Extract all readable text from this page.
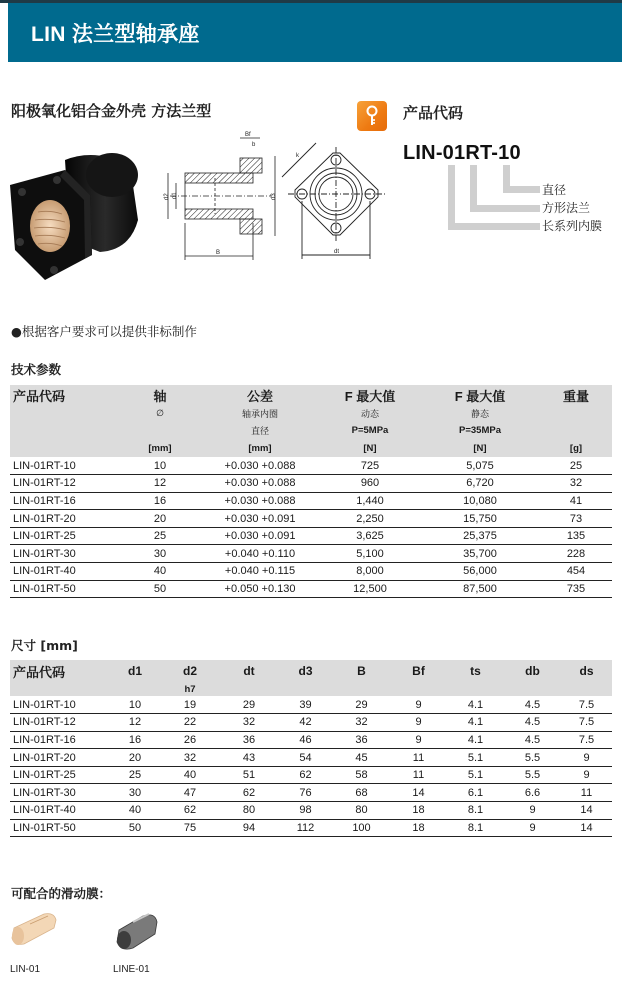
LIN 法兰型轴承座
阳极氧化铝合金外壳 方法兰型
Bf
b
d2 d1	d3
B	dt
k
产品代码
LIN-01RT-10
直径
方形法兰
长系列内膜
●根据客户要求可以提供非标制作
技术参数
产品代码	轴	公差	F 最大值	F 最大值	重量
	∅	轴承内圈	动态	静态	
		直径	P=5MPa	P=35MPa	
	[mm]	[mm]	[N]	[N]	[g]
LIN-01RT-10	10	+0.030 +0.088	725	5,075	25
LIN-01RT-12	12	+0.030 +0.088	960	6,720	32
LIN-01RT-16	16	+0.030 +0.088	1,440	10,080	41
LIN-01RT-20	20	+0.030 +0.091	2,250	15,750	73
LIN-01RT-25	25	+0.030 +0.091	3,625	25,375	135
LIN-01RT-30	30	+0.040 +0.110	5,100	35,700	228
LIN-01RT-40	40	+0.040 +0.115	8,000	56,000	454
LIN-01RT-50	50	+0.050 +0.130	12,500	87,500	735
尺寸 [mm]
产品代码	d1	d2	dt	d3	B	Bf	ts	db	ds
		h7							
LIN-01RT-10	10	19	29	39	29	9	4.1	4.5	7.5
LIN-01RT-12	12	22	32	42	32	9	4.1	4.5	7.5
LIN-01RT-16	16	26	36	46	36	9	4.1	4.5	7.5
LIN-01RT-20	20	32	43	54	45	11	5.1	5.5	9
LIN-01RT-25	25	40	51	62	58	11	5.1	5.5	9
LIN-01RT-30	30	47	62	76	68	14	6.1	6.6	11
LIN-01RT-40	40	62	80	98	80	18	8.1	9	14
LIN-01RT-50	50	75	94	112	100	18	8.1	9	14
可配合的滑动膜：
LIN-01	LINE-01
